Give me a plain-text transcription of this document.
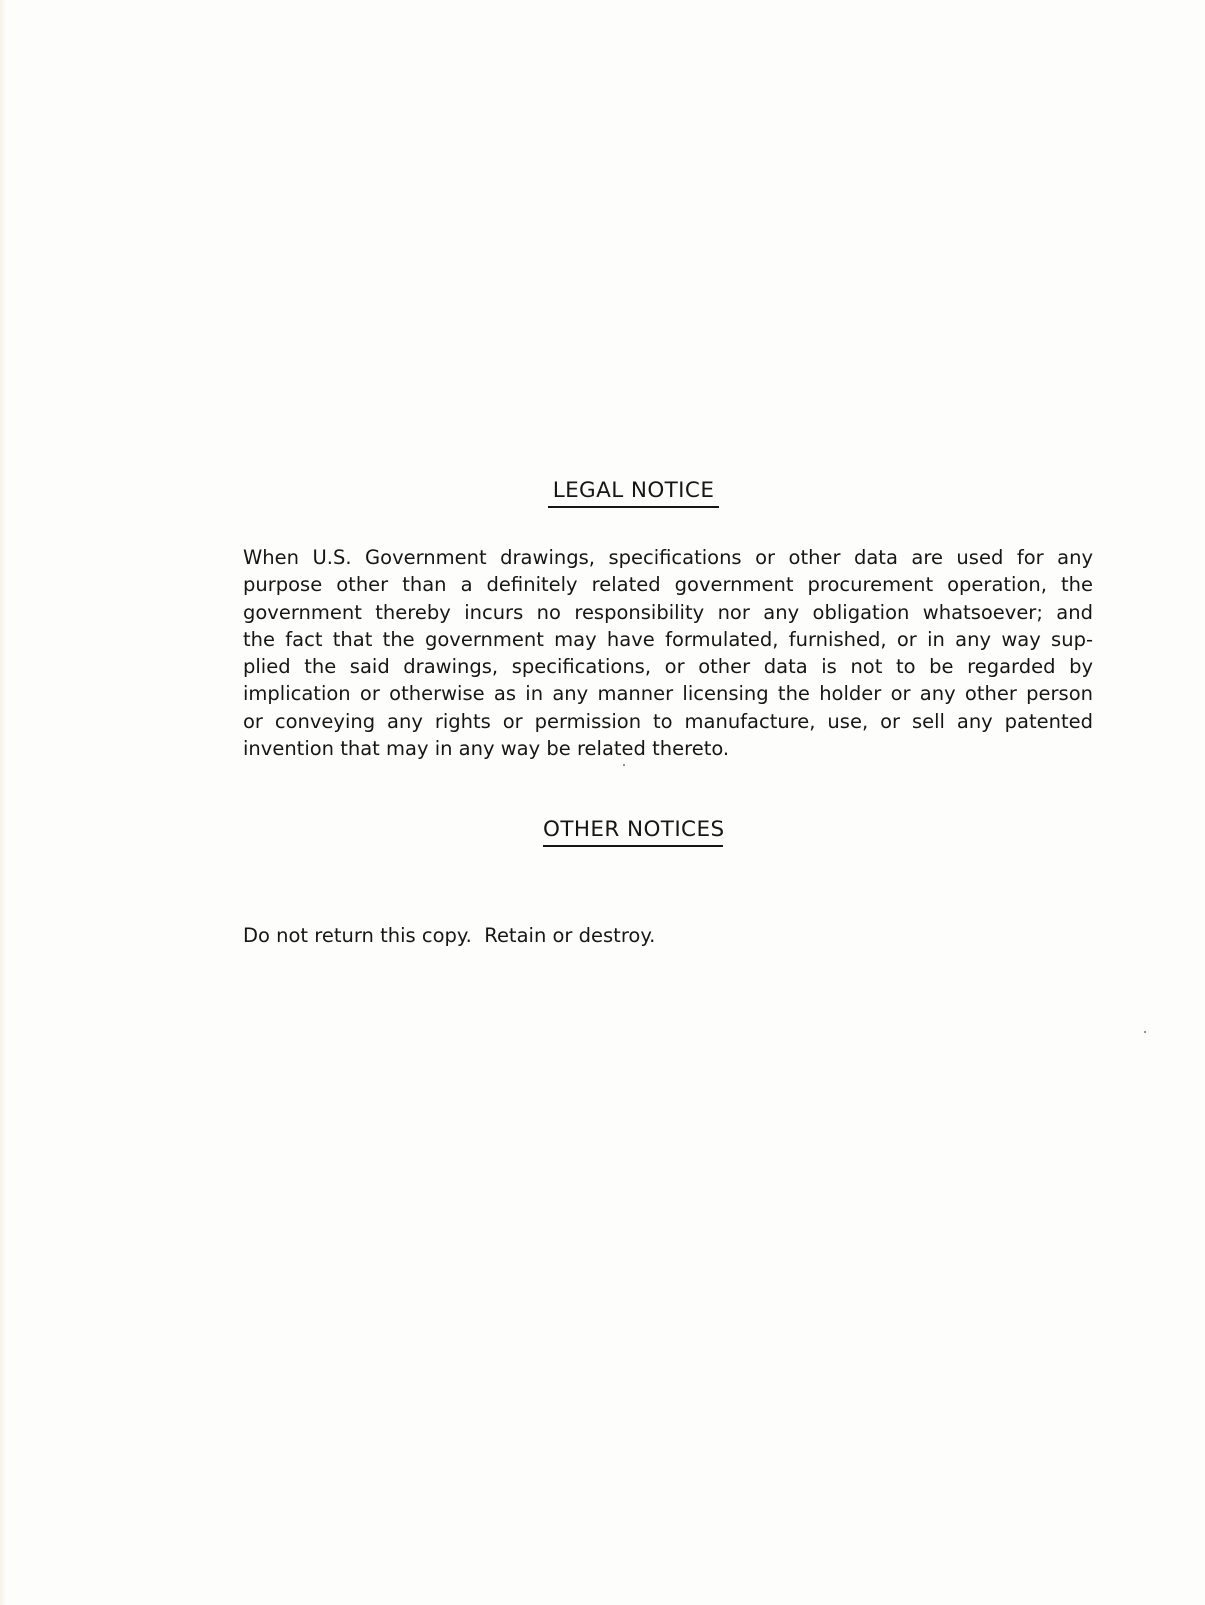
LEGAL NOTICE
When U.S. Government drawings, specifications or other data are used for any
purpose other than a definitely related government procurement operation, the
government thereby incurs no responsibility nor any obligation whatsoever; and
the fact that the government may have formulated, furnished, or in any way sup-
plied the said drawings, specifications, or other data is not to be regarded by
implication or otherwise as in any manner licensing the holder or any other person
or conveying any rights or permission to manufacture, use, or sell any patented
invention that may in any way be related thereto.
OTHER NOTICES
Do not return this copy.  Retain or destroy.
